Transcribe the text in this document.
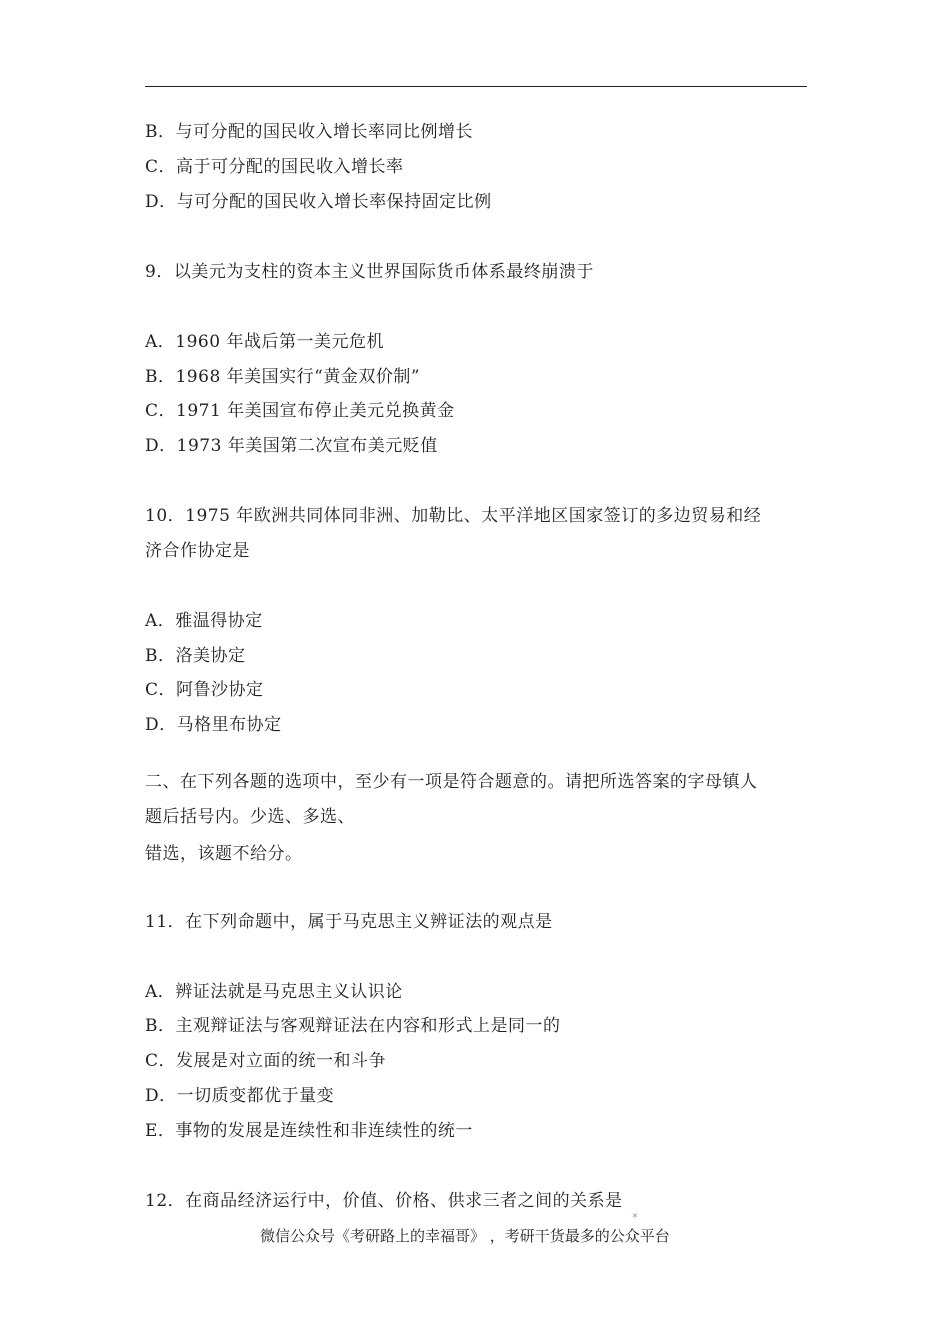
B．与可分配的国民收入增长率同比例增长
C．高于可分配的国民收入增长率
D．与可分配的国民收入增长率保持固定比例
9．以美元为支柱的资本主义世界国际货币体系最终崩溃于
A．1960 年战后第一美元危机
B．1968 年美国实行“黄金双价制”
C．1971 年美国宣布停止美元兑换黄金
D．1973 年美国第二次宣布美元贬值
10．1975 年欧洲共同体同非洲、加勒比、太平洋地区国家签订的多边贸易和经
济合作协定是
A．雅温得协定
B．洛美协定
C．阿鲁沙协定
D．马格里布协定
二、在下列各题的选项中，至少有一项是符合题意的。请把所选答案的字母镇人
题后括号内。少选、多选、
错选，该题不给分。
11．在下列命题中，属于马克思主义辨证法的观点是
A．辨证法就是马克思主义认识论
B．主观辩证法与客观辩证法在内容和形式上是同一的
C．发展是对立面的统一和斗争
D．一切质变都优于量变
E．事物的发展是连续性和非连续性的统一
12．在商品经济运行中，价值、价格、供求三者之间的关系是
微信公众号《考研路上的幸福哥》 ，考研干货最多的公众平台
✕
